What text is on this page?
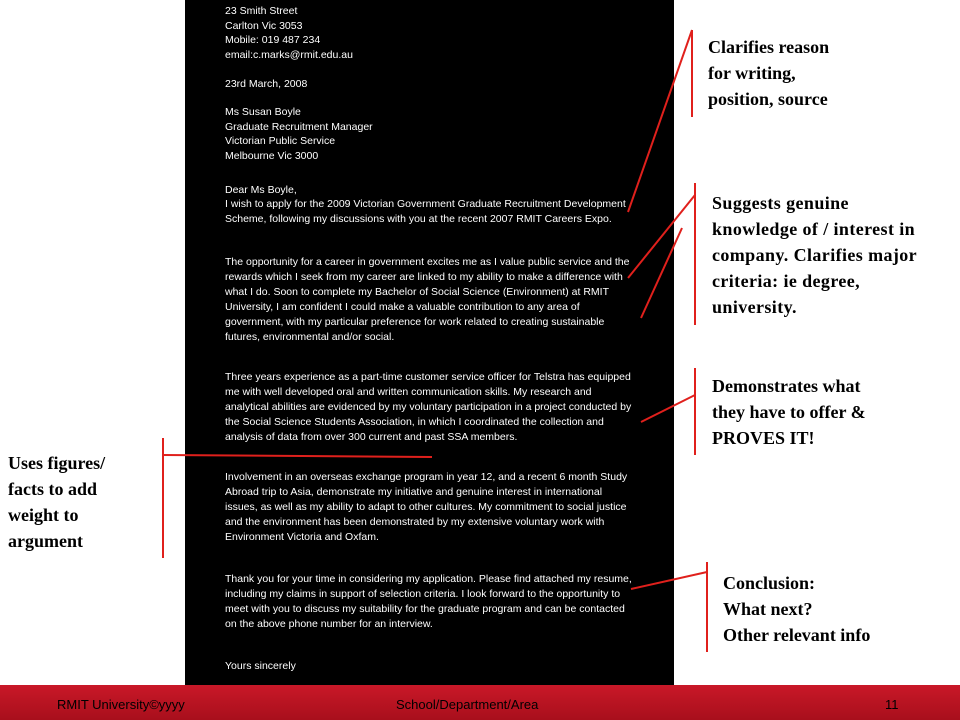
23 Smith Street
Carlton Vic 3053
Mobile: 019 487 234
email:c.marks@rmit.edu.au
23rd March, 2008
Ms Susan Boyle
Graduate Recruitment Manager
Victorian Public Service
Melbourne Vic 3000
Dear Ms Boyle,
I wish to apply for the 2009 Victorian Government Graduate Recruitment Development Scheme, following my discussions with you at the recent 2007 RMIT Careers Expo.
The opportunity for a career in government excites me as I value public service and the rewards which I seek from my career are linked to my ability to make a difference with what I do. Soon to complete my Bachelor of Social Science (Environment) at RMIT University, I am confident I could make a valuable contribution to any area of government, with my particular preference for work related to creating sustainable futures, environmental and/or social.
Three years experience as a part-time customer service officer for Telstra has equipped me with well developed oral and written communication skills. My research and analytical abilities are evidenced by my voluntary participation in a project conducted by the Social Science Students Association, in which I coordinated the collection and analysis of data from over 300 current and past SSA members.
Involvement in an overseas exchange program in year 12, and a recent 6 month Study Abroad trip to Asia, demonstrate my initiative and genuine interest in international issues, as well as my ability to adapt to other cultures. My commitment to social justice and the environment has been demonstrated by my extensive voluntary work with Environment Victoria and Oxfam.
Thank you for your time in considering my application. Please find attached my resume, including my claims in support of selection criteria. I look forward to the opportunity to meet with you to discuss my suitability for the graduate program and can be contacted on the above phone number for an interview.
Yours sincerely
Clarifies reason
for writing,
position, source
Suggests genuine
knowledge of / interest in
company. Clarifies major
criteria: ie degree,
university.
Demonstrates what
they have to offer &
PROVES IT!
Uses figures/
facts to add
weight to
argument
Conclusion:
What next?
Other relevant info
RMIT University©yyyy	School/Department/Area	11
